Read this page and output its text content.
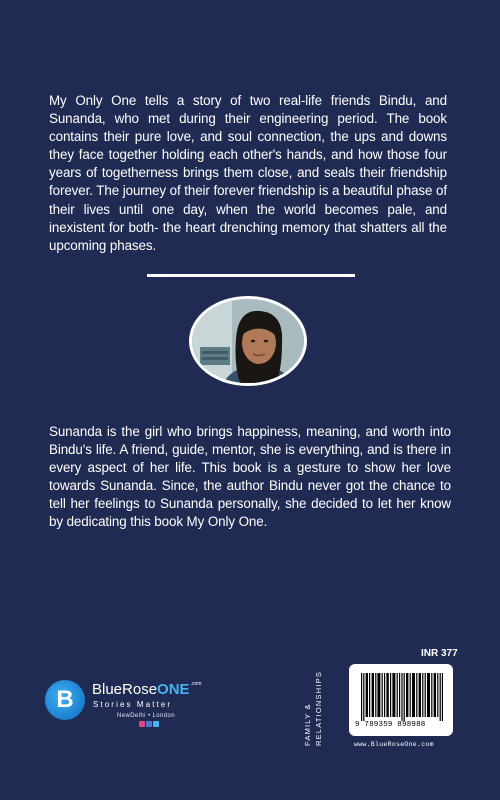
My Only One tells a story of two real-life friends Bindu, and Sunanda, who met during their engineering period. The book contains their pure love, and soul connection, the ups and downs they face together holding each other's hands, and how those four years of togetherness brings them close, and seals their friendship forever. The journey of their forever friendship is a beautiful phase of their lives until one day, when the world becomes pale, and inexistent for both- the heart drenching memory that shatters all the upcoming phases.

Sunanda is the girl who brings happiness, meaning, and worth into Bindu's life. A friend, guide, mentor, she is everything, and is there in every aspect of her life. This book is a gesture to show her love towards Sunanda. Since, the author Bindu never got the chance to tell her feelings to Sunanda personally, she decided to let her know by dedicating this book My Only One.

INR 377
FAMILY & RELATIONSHIPS	9 789359 898988
www.BlueRoseOne.com
B	BlueRoseONE$^{.com}$
Stories Matter
NewDelhi • London
